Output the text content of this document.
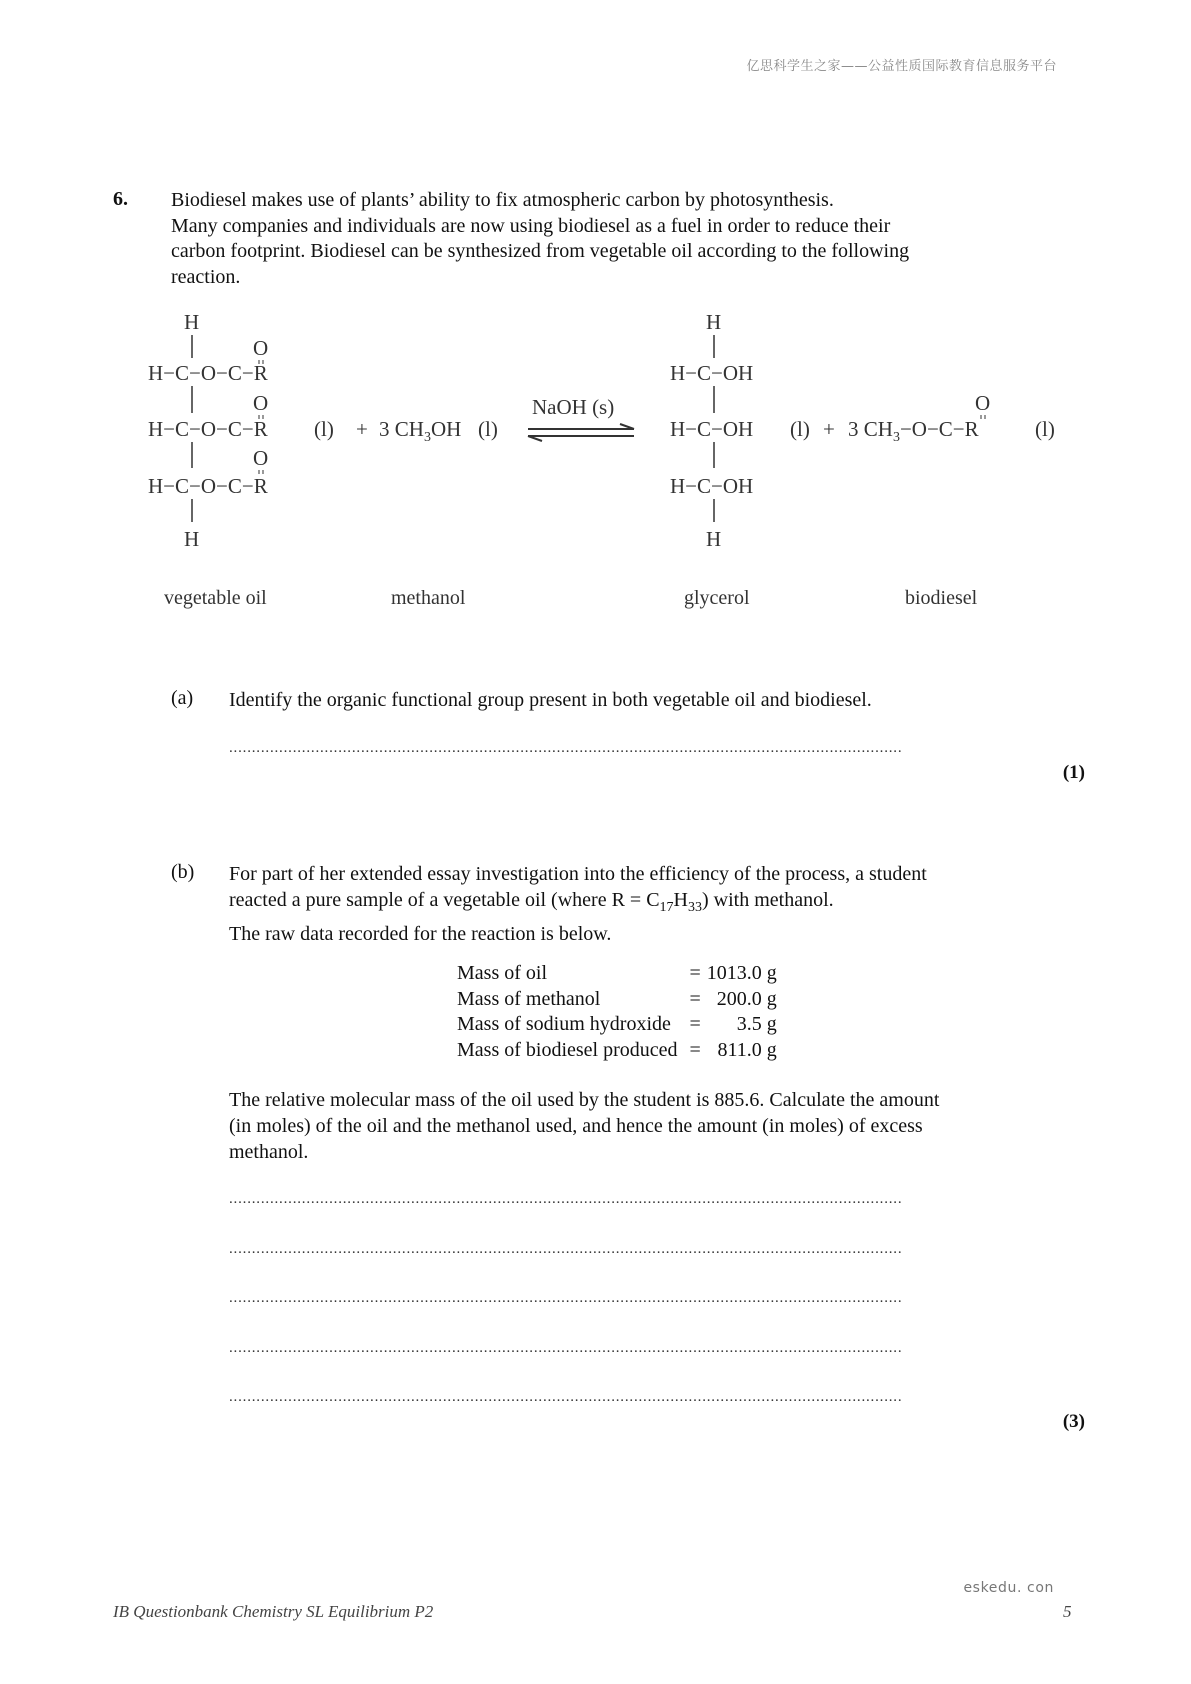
亿思科学生之家——公益性质国际教育信息服务平台
6. Biodiesel makes use of plants’ ability to fix atmospheric carbon by photosynthesis.

Many companies and individuals are now using biodiesel as a fuel in order to reduce their

carbon footprint. Biodiesel can be synthesized from vegetable oil according to the following

reaction.

H
H−C−O−C−R
O
O
H−C−O−C−R (l)
O
H−C−O−C−R
H
+ 3 $CH_3OH$ (l)
NaOH (s)
H
H−C−OH
H−C−OH (l)
H−C−OH
H
+ 3 $CH_3-O-C-R$
O
(l)
vegetable oil	methanol	glycerol	biodiesel
(a) Identify the organic functional group present in both vegetable oil and biodiesel.
....................................................................................................................................................
(1)
(b) For part of her extended essay investigation into the efficiency of the process, a student

reacted a pure sample of a vegetable oil (where $R = C_{17}H_{33}$) with methanol.

The raw data recorded for the reaction is below.

Mass of oil	=	1013.0 g
Mass of methanol	=	200.0 g
Mass of sodium hydroxide	=	3.5 g
Mass of biodiesel produced	=	811.0 g

The relative molecular mass of the oil used by the student is 885.6. Calculate the amount

(in moles) of the oil and the methanol used, and hence the amount (in moles) of excess

methanol.

....................................................................................................................................................
....................................................................................................................................................
....................................................................................................................................................
....................................................................................................................................................
....................................................................................................................................................
(3)
eskedu. con
IB Questionbank Chemistry SL Equilibrium P2	5
